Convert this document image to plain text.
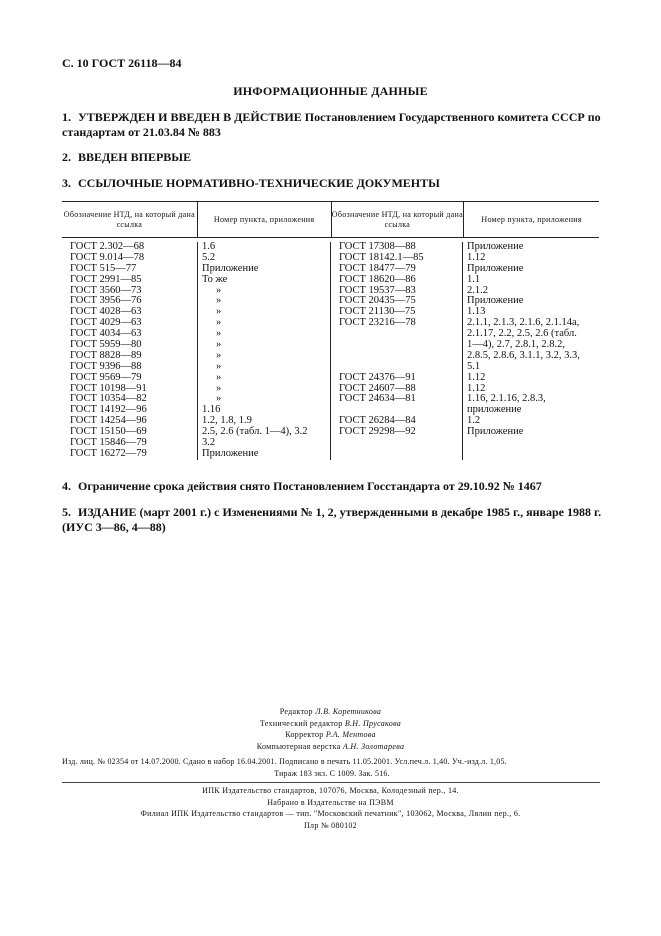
С. 10 ГОСТ 26118—84
ИНФОРМАЦИОННЫЕ ДАННЫЕ
1. УТВЕРЖДЕН И ВВЕДЕН В ДЕЙСТВИЕ Постановлением Государственного комитета СССР по стандартам от 21.03.84 № 883
2. ВВЕДЕН ВПЕРВЫЕ
3. ССЫЛОЧНЫЕ НОРМАТИВНО-ТЕХНИЧЕСКИЕ ДОКУМЕНТЫ
Обозначение НТД, на который дана ссылка
Номер пункта, приложения
Обозначение НТД, на который дана ссылка
Номер пункта, приложения
ГОСТ 2.302—68
ГОСТ 9.014—78
ГОСТ 515—77
ГОСТ 2991—85
ГОСТ 3560—73
ГОСТ 3956—76
ГОСТ 4028—63
ГОСТ 4029—63
ГОСТ 4034—63
ГОСТ 5959—80
ГОСТ 8828—89
ГОСТ 9396—88
ГОСТ 9569—79
ГОСТ 10198—91
ГОСТ 10354—82
ГОСТ 14192—96
ГОСТ 14254—96
ГОСТ 15150—69
ГОСТ 15846—79
ГОСТ 16272—79
1.6
5.2
Приложение
То же
»
»
»
»
»
»
»
»
»
»
»
1.16
1.2, 1.8, 1.9
2.5, 2.6 (табл. 1—4), 3.2
3.2
Приложение
ГОСТ 17308—88
ГОСТ 18142.1—85
ГОСТ 18477—79
ГОСТ 18620—86
ГОСТ 19537—83
ГОСТ 20435—75
ГОСТ 21130—75
ГОСТ 23216—78
ГОСТ 24376—91
ГОСТ 24607—88
ГОСТ 24634—81
ГОСТ 26284—84
ГОСТ 29298—92
Приложение
1.12
Приложение
1.1
2.1.2
Приложение
1.13
2.1.1, 2.1.3, 2.1.6, 2.1.14а,
2.1.17, 2.2, 2.5, 2.6 (табл.
1—4), 2.7, 2.8.1, 2.8.2,
2.8.5, 2.8.6, 3.1.1, 3.2, 3.3,
5.1
1.12
1.12
1.16, 2.1.16, 2.8.3,
приложение
1.2
Приложение
4. Ограничение срока действия снято Постановлением Госстандарта от 29.10.92 № 1467
5. ИЗДАНИЕ (март 2001 г.) с Изменениями № 1, 2, утвержденными в декабре 1985 г., январе 1988 г. (ИУС 3—86, 4—88)
Редактор Л.В. Коретникова
Технический редактор В.Н. Прусакова
Корректор Р.А. Ментова
Компьютерная верстка А.Н. Золотарева
Изд. лиц. № 02354 от 14.07.2000. Сдано в набор 16.04.2001. Подписано в печать 11.05.2001. Усл.печ.л. 1,40. Уч.-изд.л. 1,05.
Тираж 183 экз. С 1009. Зак. 516.
ИПК Издательство стандартов, 107076, Москва, Колодезный пер., 14.
Набрано в Издательстве на ПЭВМ
Филиал ИПК Издательство стандартов — тип. "Московский печатник", 103062, Москва, Лялин пер., 6.
Плр № 080102
